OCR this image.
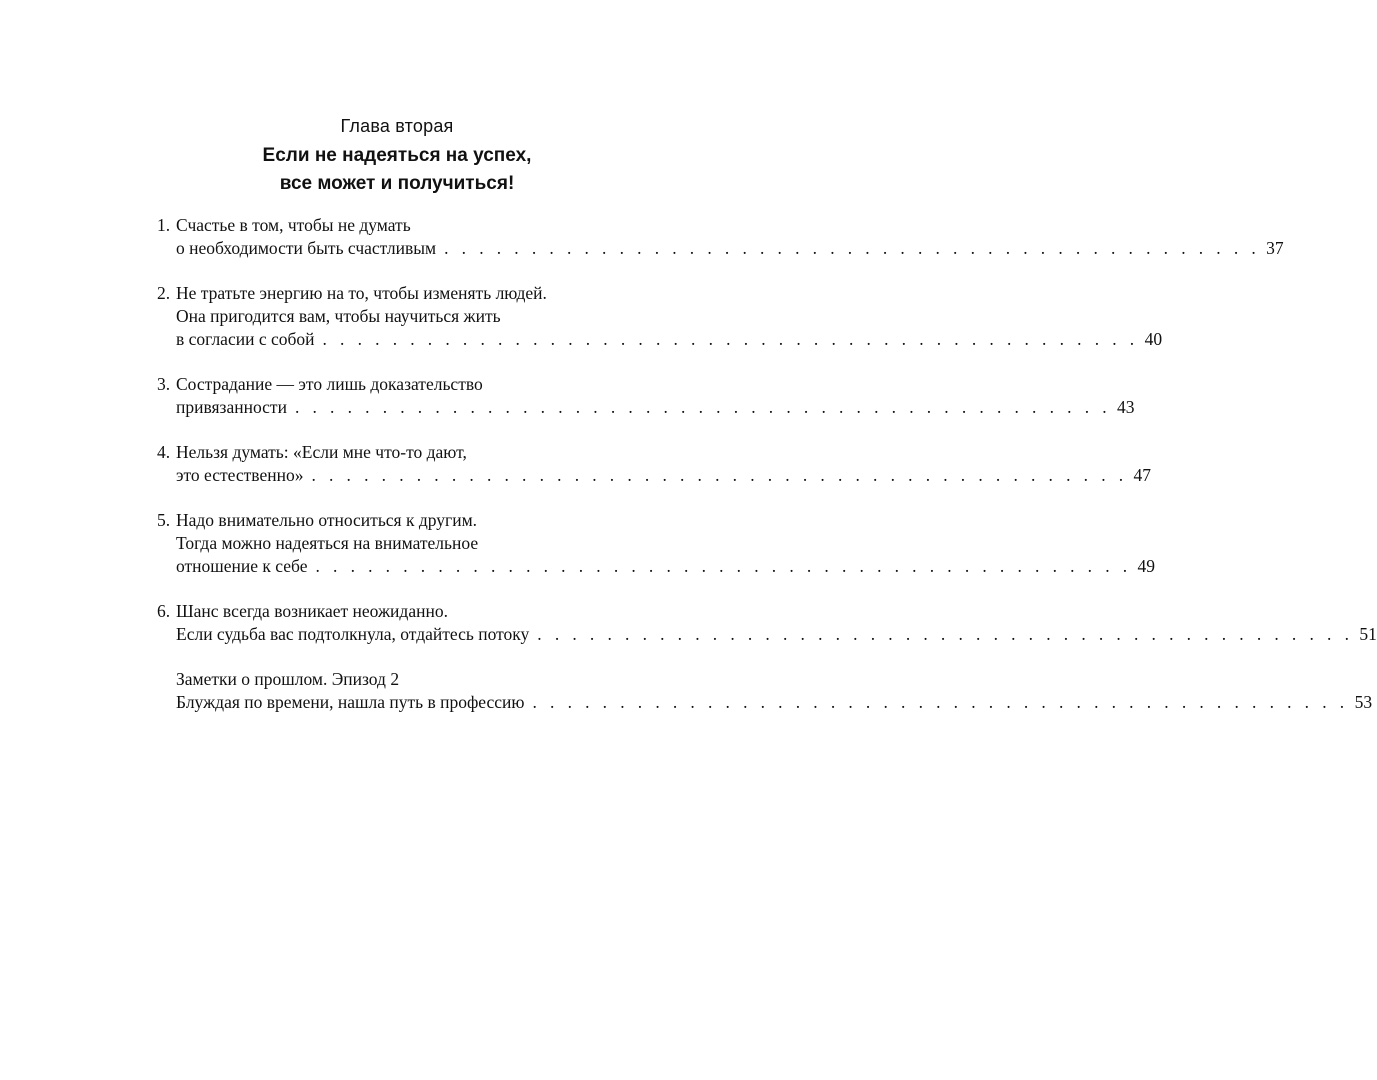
Глава вторая
Если не надеяться на успех,
все может и получиться!
1. Счастье в том, чтобы не думать
о необходимости быть счастливым . . . . . . . . . . . . . . . . . . . . . . . . . . . . . . . . . . . . . . . . . . . . . . . 37
2. Не тратьте энергию на то, чтобы изменять людей.
Она пригодится вам, чтобы научиться жить
в согласии с собой . . . . . . . . . . . . . . . . . . . . . . . . . . . . . . . . . . . . . . . . . . . . . . . 40
3. Сострадание — это лишь доказательство
привязанности . . . . . . . . . . . . . . . . . . . . . . . . . . . . . . . . . . . . . . . . . . . . . . . 43
4. Нельзя думать: «Если мне что-то дают,
это естественно» . . . . . . . . . . . . . . . . . . . . . . . . . . . . . . . . . . . . . . . . . . . . . . . 47
5. Надо внимательно относиться к другим.
Тогда можно надеяться на внимательное
отношение к себе . . . . . . . . . . . . . . . . . . . . . . . . . . . . . . . . . . . . . . . . . . . . . . . 49
6. Шанс всегда возникает неожиданно.
Если судьба вас подтолкнула, отдайтесь потоку . . . . . . . . . . . . . . . . . . . . . . . . . . . . . . . . . . . . . . . . . . . . . . . 51
Заметки о прошлом. Эпизод 2
Блуждая по времени, нашла путь в профессию . . . . . . . . . . . . . . . . . . . . . . . . . . . . . . . . . . . . . . . . . . . . . . . 53
